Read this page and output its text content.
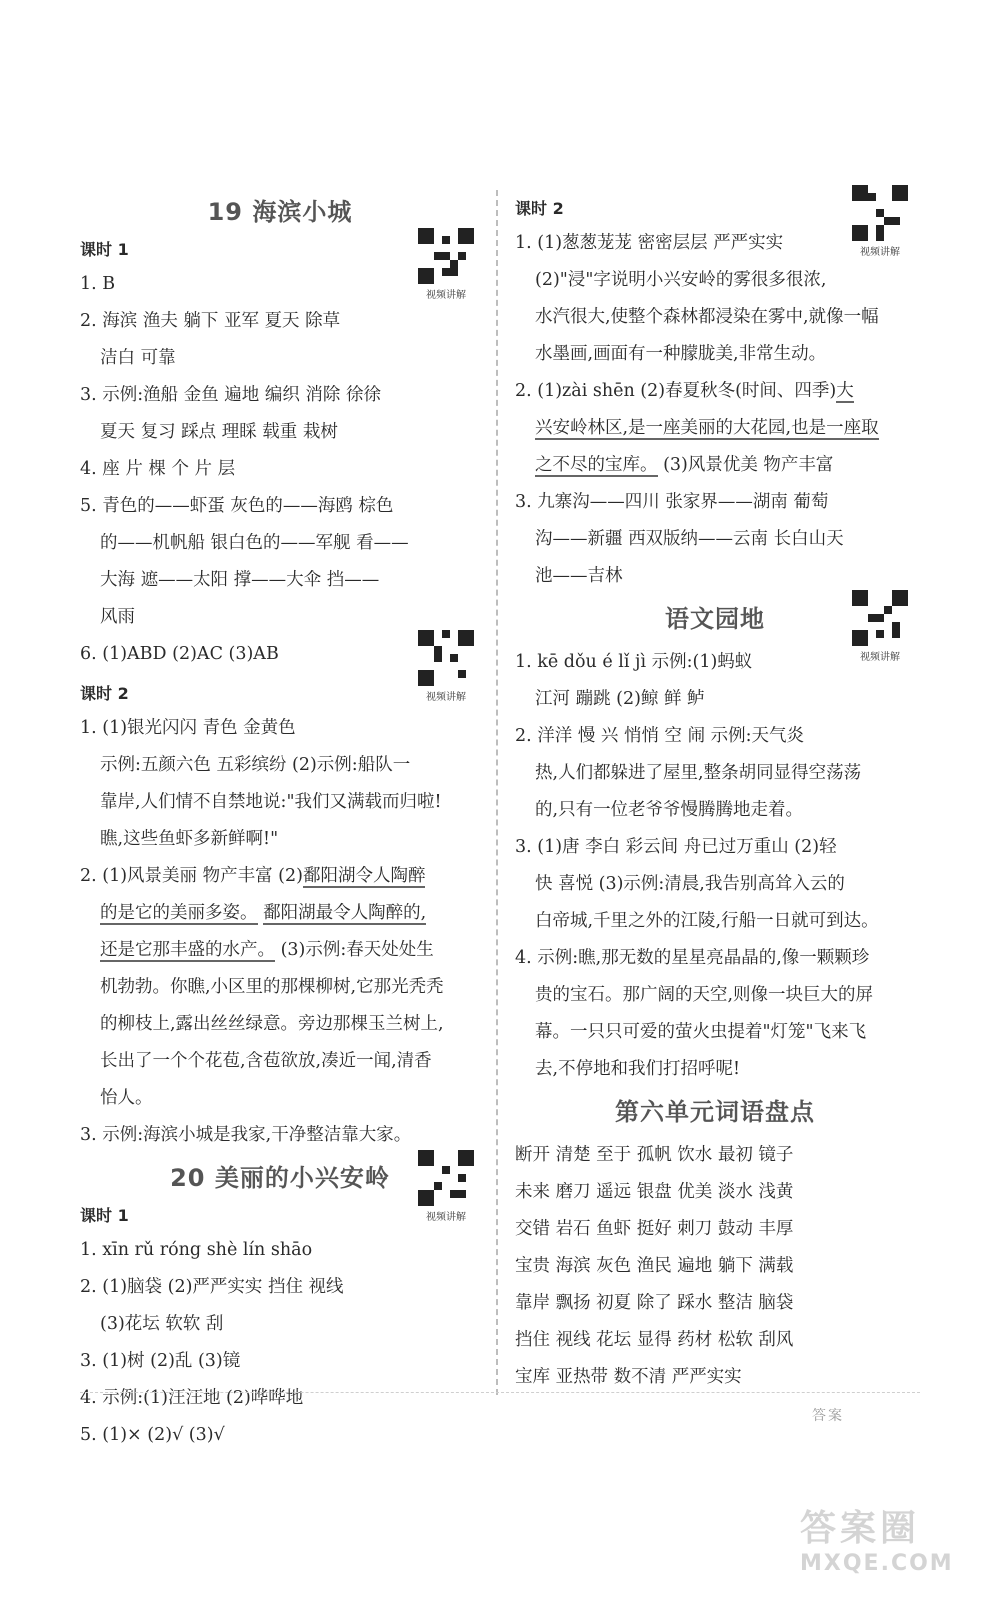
19 海滨小城
课时 1
1. B
2. 海滨 渔夫 躺下 亚军 夏天 除草
洁白 可靠
3. 示例:渔船 金鱼 遍地 编织 消除 徐徐
夏天 复习 踩点 理睬 载重 栽树
4. 座 片 棵 个 片 层
5. 青色的——虾蛋 灰色的——海鸥 棕色
的——机帆船 银白色的——军舰 看——
大海 遮——太阳 撑——大伞 挡——
风雨
6. (1)ABD (2)AC (3)AB
课时 2
1. (1)银光闪闪 青色 金黄色
示例:五颜六色 五彩缤纷 (2)示例:船队一
靠岸,人们情不自禁地说:"我们又满载而归啦!
瞧,这些鱼虾多新鲜啊!"
2. (1)风景美丽 物产丰富 (2)鄱阳湖令人陶醉
的是它的美丽多姿。 鄱阳湖最令人陶醉的,
还是它那丰盛的水产。 (3)示例:春天处处生
机勃勃。你瞧,小区里的那棵柳树,它那光秃秃
的柳枝上,露出丝丝绿意。旁边那棵玉兰树上,
长出了一个个花苞,含苞欲放,凑近一闻,清香
怡人。
3. 示例:海滨小城是我家,干净整洁靠大家。
20 美丽的小兴安岭
课时 1
1. xīn rǔ róng shè lín shāo
2. (1)脑袋 (2)严严实实 挡住 视线
(3)花坛 软软 刮
3. (1)树 (2)乱 (3)镜
4. 示例:(1)汪汪地 (2)哗哗地
5. (1)× (2)√ (3)√
课时 2
1. (1)葱葱茏茏 密密层层 严严实实
(2)"浸"字说明小兴安岭的雾很多很浓,
水汽很大,使整个森林都浸染在雾中,就像一幅
水墨画,画面有一种朦胧美,非常生动。
2. (1)zài shēn (2)春夏秋冬(时间、四季)大
兴安岭林区,是一座美丽的大花园,也是一座取
之不尽的宝库。 (3)风景优美 物产丰富
3. 九寨沟——四川 张家界——湖南 葡萄
沟——新疆 西双版纳——云南 长白山天
池——吉林
语文园地
1. kē dǒu é lǐ jì 示例:(1)蚂蚁
江河 蹦跳 (2)鲸 鲜 鲈
2. 洋洋 慢 兴 悄悄 空 闹 示例:天气炎
热,人们都躲进了屋里,整条胡同显得空荡荡
的,只有一位老爷爷慢腾腾地走着。
3. (1)唐 李白 彩云间 舟已过万重山 (2)轻
快 喜悦 (3)示例:清晨,我告别高耸入云的
白帝城,千里之外的江陵,行船一日就可到达。
4. 示例:瞧,那无数的星星亮晶晶的,像一颗颗珍
贵的宝石。那广阔的天空,则像一块巨大的屏
幕。一只只可爱的萤火虫提着"灯笼"飞来飞
去,不停地和我们打招呼呢!
第六单元词语盘点
断开 清楚 至于 孤帆 饮水 最初 镜子
未来 磨刀 遥远 银盘 优美 淡水 浅黄
交错 岩石 鱼虾 挺好 刺刀 鼓动 丰厚
宝贵 海滨 灰色 渔民 遍地 躺下 满载
靠岸 飘扬 初夏 除了 踩水 整洁 脑袋
挡住 视线 花坛 显得 药材 松软 刮风
宝库 亚热带 数不清 严严实实
视频讲解
视频讲解
视频讲解
视频讲解
视频讲解
答案
答案圈
MXQE.COM
